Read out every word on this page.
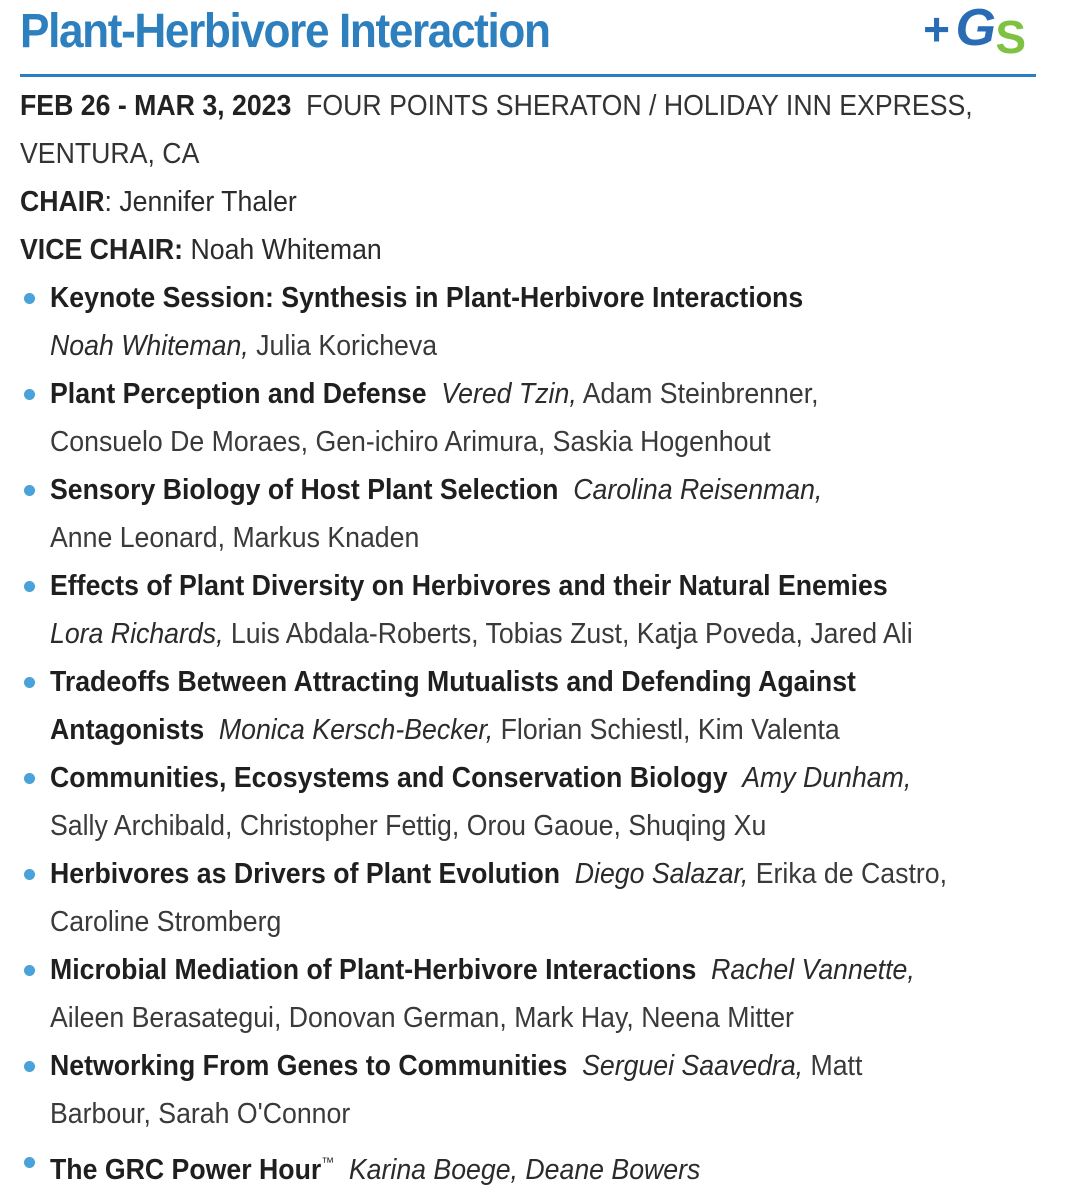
Plant-Herbivore Interaction	+ S
G
FEB 26 - MAR 3, 2023 FOUR POINTS SHERATON / HOLIDAY INN EXPRESS,
VENTURA, CA
CHAIR: Jennifer Thaler
VICE CHAIR: Noah Whiteman
Keynote Session: Synthesis in Plant-Herbivore Interactions
Noah Whiteman, Julia Koricheva
Plant Perception and Defense Vered Tzin, Adam Steinbrenner,
Consuelo De Moraes, Gen-ichiro Arimura, Saskia Hogenhout
Sensory Biology of Host Plant Selection Carolina Reisenman,
Anne Leonard, Markus Knaden
Effects of Plant Diversity on Herbivores and their Natural Enemies
Lora Richards, Luis Abdala-Roberts, Tobias Zust, Katja Poveda, Jared Ali
Tradeoffs Between Attracting Mutualists and Defending Against
Antagonists Monica Kersch-Becker, Florian Schiestl, Kim Valenta
Communities, Ecosystems and Conservation Biology Amy Dunham,
Sally Archibald, Christopher Fettig, Orou Gaoue, Shuqing Xu
Herbivores as Drivers of Plant Evolution Diego Salazar, Erika de Castro,
Caroline Stromberg
Microbial Mediation of Plant-Herbivore Interactions Rachel Vannette,
Aileen Berasategui, Donovan German, Mark Hay, Neena Mitter
Networking From Genes to Communities Serguei Saavedra, Matt
Barbour, Sarah O'Connor
The GRC Power Hour™ Karina Boege, Deane Bowers
